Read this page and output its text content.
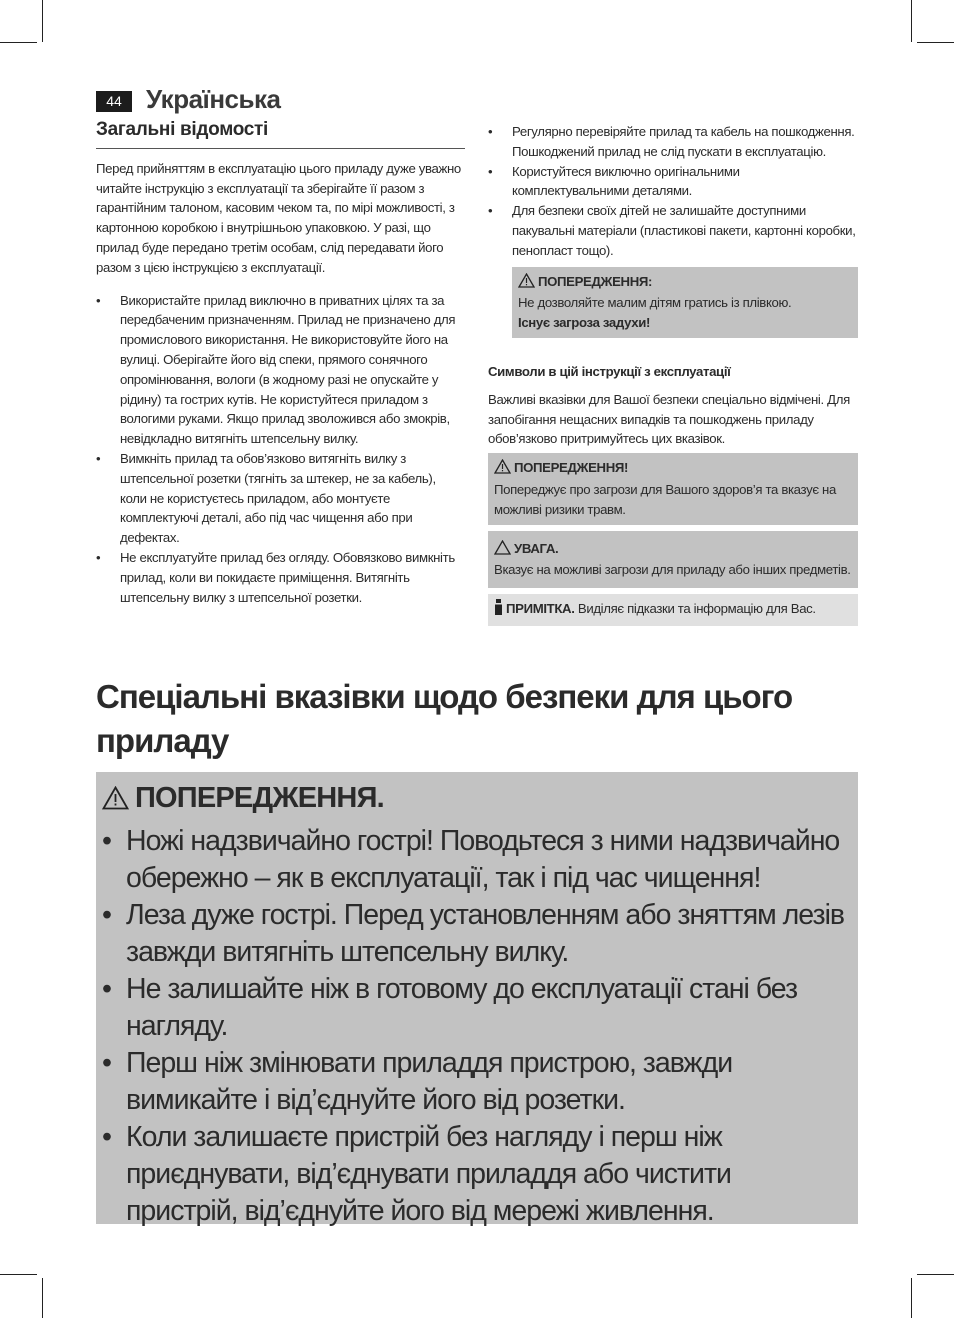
44 Українська
Загальні відомості

Перед прийняттям в експлуатацію цього приладу дуже уважно читайте інструкцію з експлуатації та зберігайте її разом з гарантійним талоном, касовим чеком та, по мірі можливості, з картонною коробкою і внутрішньою упаковкою. У разі, що прилад буде передано третім особам, слід передавати його разом з цією інструкцією з експлуатації.

• Використайте прилад виключно в приватних цілях та за передбаченим призначенням. Прилад не призначено для промислового використання. Не використовуйте його на вулиці. Оберігайте його від спеки, прямого сонячного опромінювання, вологи (в жодному разі не опускайте у рідину) та гострих кутів. Не користуйтеся приладом з вологими руками. Якщо прилад зволожився або змокрів, невідкладно витягніть штепсельну вилку.
• Вимкніть прилад та обов’язково витягніть вилку з штепсельної розетки (тягніть за штекер, не за кабель), коли не користуєтесь приладом, або монтуєте комплектуючі деталі, або під час чищення або при дефектах.
• Не експлуатуйте прилад без огляду. Обовязково вимкніть прилад, коли ви покидаєте приміщення. Витягніть штепсельну вилку з штепсельної розетки.
• Регулярно перевіряйте прилад та кабель на пошкодження. Пошкоджений прилад не слід пускати в експлуатацію.
• Користуйтеся виключно оригінальними комплектувальними деталями.
• Для безпеки своїх дітей не залишайте доступними пакувальні матеріали (пластикові пакети, картонні коробки, пенопласт тощо).
ПОПЕРЕДЖЕННЯ:
Не дозволяйте малим дітям гратись із плівкою.
Існує загроза задухи!

Символи в цій інструкції з експлуатації

Важливі вказівки для Вашої безпеки спеціально відмічені. Для запобігання нещасних випадків та пошкоджень приладу обов’язково притримуйтесь цих вказівок.

ПОПЕРЕДЖЕННЯ!
Попереджує про загрози для Вашого здоров’я та вказує на можливі ризики травм.
УВАГА.
Вказує на можливі загрози для приладу або інших предметів.
ПРИМІТКА. Виділяє підказки та інформацію для Вас.
Спеціальні вказівки щодо безпеки для цього приладу
ПОПЕРЕДЖЕННЯ.
• Ножі надзвичайно гострі! Поводьтеся з ними надзвичайно обережно – як в експлуатації, так і під час чищення!
• Леза дуже гострі. Перед установленням або зняттям лезів завжди витягніть штепсельну вилку.
• Не залишайте ніж в готовому до експлуатації стані без нагляду.
• Перш ніж змінювати приладдя пристрою, завжди вимикайте і від’єднуйте його від розетки.
• Коли залишаєте пристрій без нагляду і перш ніж приєднувати, від’єднувати приладдя або чистити пристрій, від’єднуйте його від мережі живлення.
